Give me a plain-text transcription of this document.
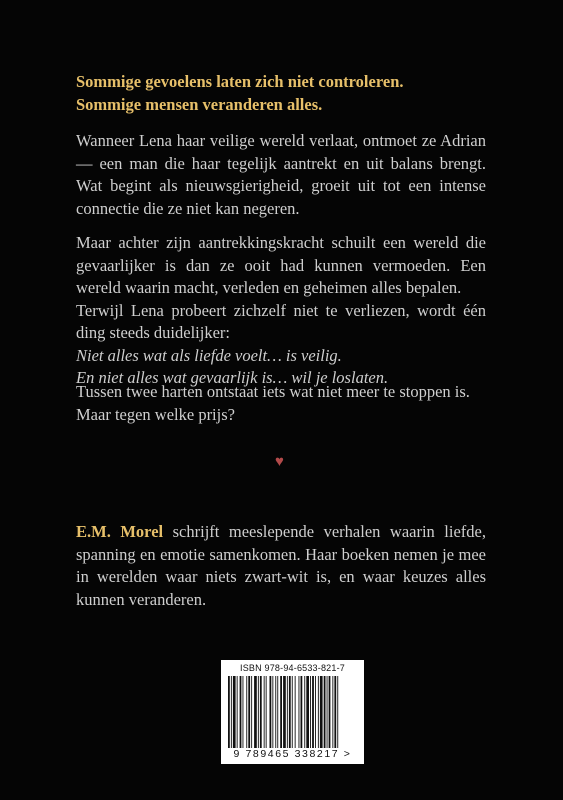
Sommige gevoelens laten zich niet controleren.
Sommige mensen veranderen alles.
Wanneer Lena haar veilige wereld verlaat, ontmoet ze Adrian — een man die haar tegelijk aantrekt en uit balans brengt. Wat begint als nieuwsgierigheid, groeit uit tot een intense connectie die ze niet kan negeren.
Maar achter zijn aantrekkingskracht schuilt een wereld die gevaarlijker is dan ze ooit had kunnen vermoeden. Een wereld waarin macht, verleden en geheimen alles bepalen.
Terwijl Lena probeert zichzelf niet te verliezen, wordt één ding steeds duidelijker:
Niet alles wat als liefde voelt… is veilig.
En niet alles wat gevaarlijk is… wil je loslaten.
Tussen twee harten ontstaat iets wat niet meer te stoppen is.
Maar tegen welke prijs?
♥
E.M. Morel schrijft meeslepende verhalen waarin liefde, spanning en emotie samenkomen. Haar boeken nemen je mee in werelden waar niets zwart-wit is, en waar keuzes alles kunnen veranderen.
ISBN 978-94-6533-821-7
9 789465 338217 >
